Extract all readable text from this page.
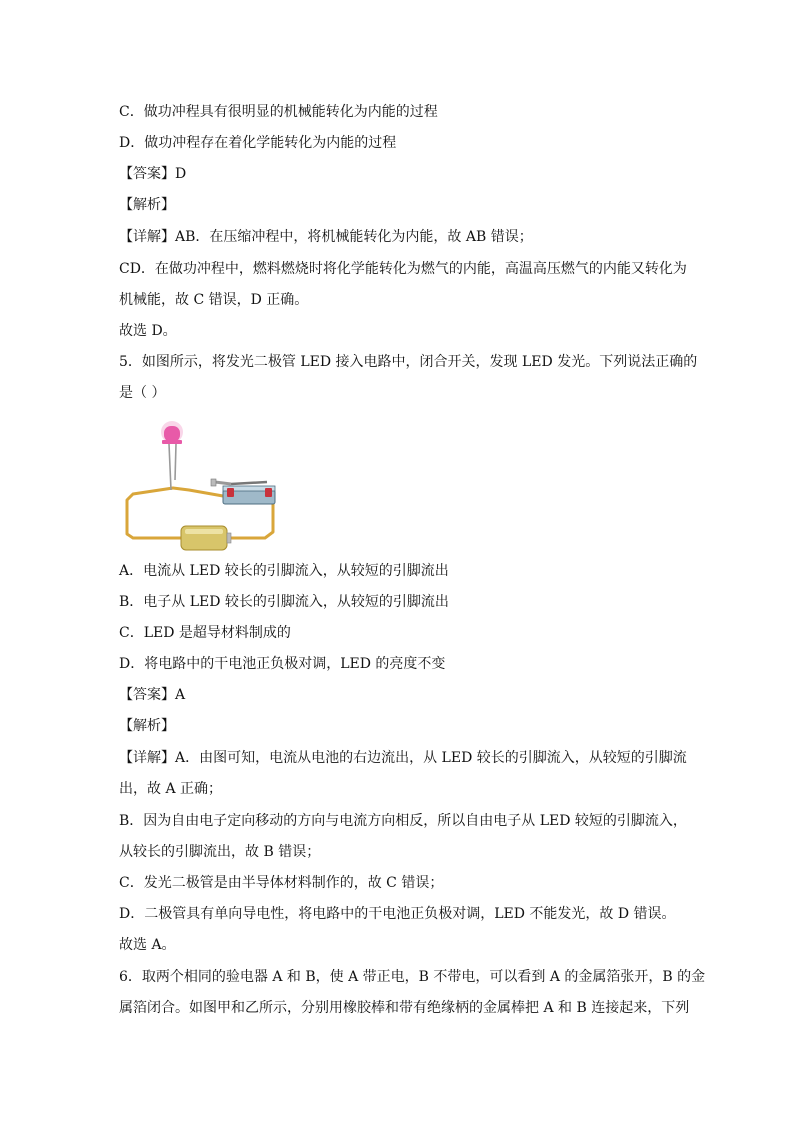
C．做功冲程具有很明显的机械能转化为内能的过程
D．做功冲程存在着化学能转化为内能的过程
【答案】D
【解析】
【详解】AB．在压缩冲程中，将机械能转化为内能，故 AB 错误；
CD．在做功冲程中，燃料燃烧时将化学能转化为燃气的内能，高温高压燃气的内能又转化为
机械能，故 C 错误，D 正确。
故选 D。
5．如图所示，将发光二极管 LED 接入电路中，闭合开关，发现 LED 发光。下列说法正确的
是（ ）
A．电流从 LED 较长的引脚流入，从较短的引脚流出
B．电子从 LED 较长的引脚流入，从较短的引脚流出
C．LED 是超导材料制成的
D．将电路中的干电池正负极对调，LED 的亮度不变
【答案】A
【解析】
【详解】A．由图可知，电流从电池的右边流出，从 LED 较长的引脚流入，从较短的引脚流
出，故 A 正确；
B．因为自由电子定向移动的方向与电流方向相反，所以自由电子从 LED 较短的引脚流入，
从较长的引脚流出，故 B 错误；
C．发光二极管是由半导体材料制作的，故 C 错误；
D．二极管具有单向导电性，将电路中的干电池正负极对调，LED 不能发光，故 D 错误。
故选 A。
6．取两个相同的验电器 A 和 B，使 A 带正电，B 不带电，可以看到 A 的金属箔张开，B 的金
属箔闭合。如图甲和乙所示，分别用橡胶棒和带有绝缘柄的金属棒把 A 和 B 连接起来，下列
